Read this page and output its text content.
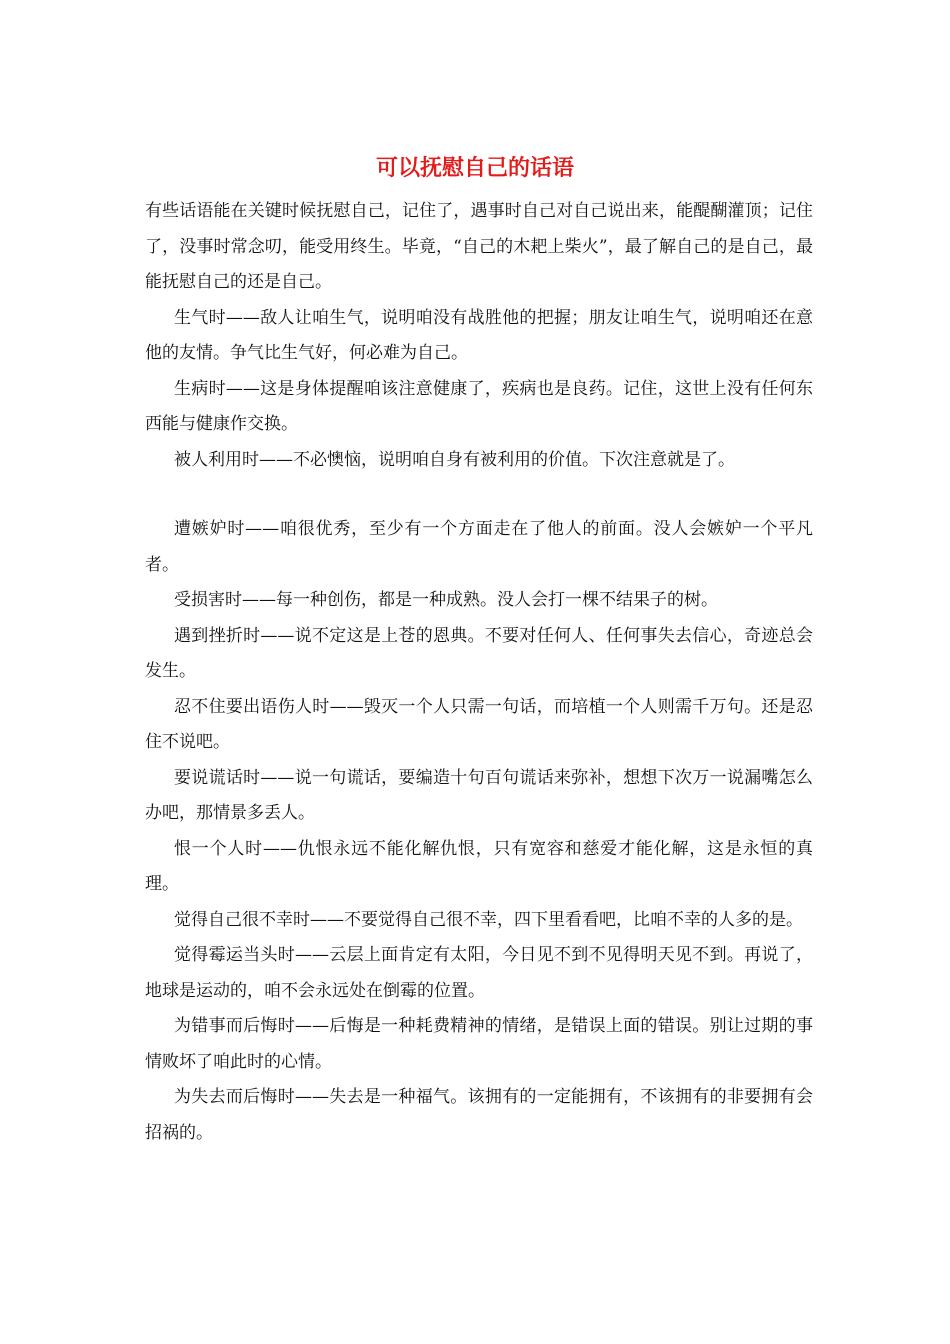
可以抚慰自己的话语

有些话语能在关键时候抚慰自己，记住了，遇事时自己对自己说出来，能醍醐灌顶；记住了，没事时常念叨，能受用终生。毕竟，“自己的木耙上柴火”，最了解自己的是自己，最能抚慰自己的还是自己。

生气时——敌人让咱生气，说明咱没有战胜他的把握；朋友让咱生气，说明咱还在意他的友情。争气比生气好，何必难为自己。

生病时——这是身体提醒咱该注意健康了，疾病也是良药。记住，这世上没有任何东西能与健康作交换。

被人利用时——不必懊恼，说明咱自身有被利用的价值。下次注意就是了。

遭嫉妒时——咱很优秀，至少有一个方面走在了他人的前面。没人会嫉妒一个平凡者。

受损害时——每一种创伤，都是一种成熟。没人会打一棵不结果子的树。

遇到挫折时——说不定这是上苍的恩典。不要对任何人、任何事失去信心，奇迹总会发生。

忍不住要出语伤人时——毁灭一个人只需一句话，而培植一个人则需千万句。还是忍住不说吧。

要说谎话时——说一句谎话，要编造十句百句谎话来弥补，想想下次万一说漏嘴怎么办吧，那情景多丢人。

恨一个人时——仇恨永远不能化解仇恨，只有宽容和慈爱才能化解，这是永恒的真理。

觉得自己很不幸时——不要觉得自己很不幸，四下里看看吧，比咱不幸的人多的是。

觉得霉运当头时——云层上面肯定有太阳，今日见不到不见得明天见不到。再说了，地球是运动的，咱不会永远处在倒霉的位置。

为错事而后悔时——后悔是一种耗费精神的情绪，是错误上面的错误。别让过期的事情败坏了咱此时的心情。

为失去而后悔时——失去是一种福气。该拥有的一定能拥有，不该拥有的非要拥有会招祸的。
